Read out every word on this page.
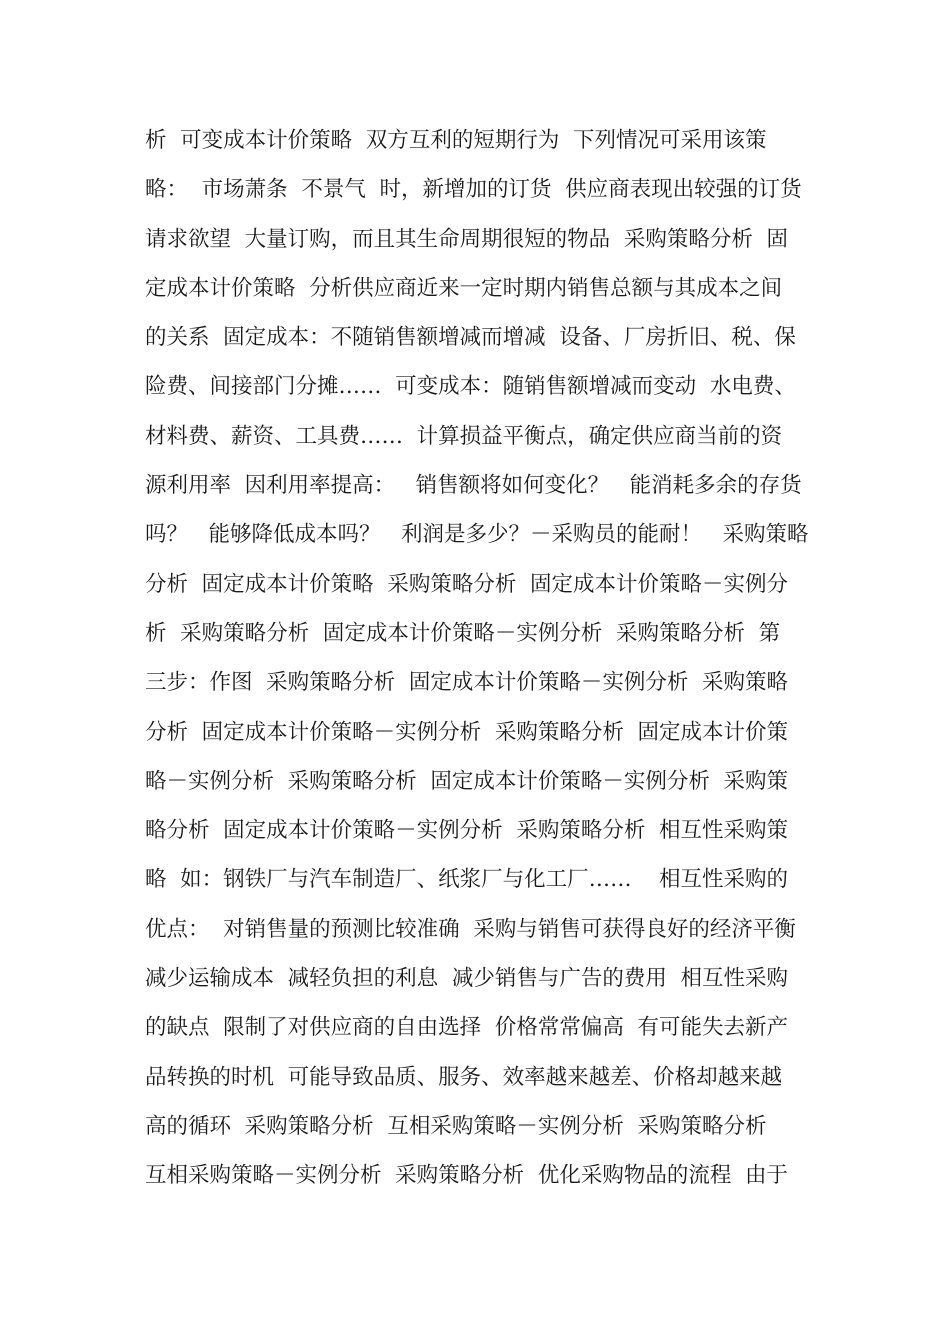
析  可变成本计价策略  双方互利的短期行为  下列情况可采用该策
略：  市场萧条  不景气  时，新增加的订货  供应商表现出较强的订货
请求欲望  大量订购，而且其生命周期很短的物品  采购策略分析  固
定成本计价策略  分析供应商近来一定时期内销售总额与其成本之间
的关系  固定成本：不随销售额增减而增减  设备、厂房折旧、税、保
险费、间接部门分摊……  可变成本：随销售额增减而变动  水电费、
材料费、薪资、工具费……  计算损益平衡点，确定供应商当前的资
源利用率  因利用率提高：   销售额将如何变化？   能消耗多余的存货
吗？   能够降低成本吗？   利润是多少？－采购员的能耐！   采购策略
分析  固定成本计价策略  采购策略分析  固定成本计价策略－实例分
析  采购策略分析  固定成本计价策略－实例分析  采购策略分析  第
三步：作图  采购策略分析  固定成本计价策略－实例分析  采购策略
分析  固定成本计价策略－实例分析  采购策略分析  固定成本计价策
略－实例分析  采购策略分析  固定成本计价策略－实例分析  采购策
略分析  固定成本计价策略－实例分析  采购策略分析  相互性采购策
略  如：钢铁厂与汽车制造厂、纸浆厂与化工厂……    相互性采购的
优点：  对销售量的预测比较准确  采购与销售可获得良好的经济平衡
减少运输成本  减轻负担的利息  减少销售与广告的费用  相互性采购
的缺点  限制了对供应商的自由选择  价格常常偏高  有可能失去新产
品转换的时机  可能导致品质、服务、效率越来越差、价格却越来越
高的循环  采购策略分析  互相采购策略－实例分析  采购策略分析
互相采购策略－实例分析  采购策略分析  优化采购物品的流程  由于
